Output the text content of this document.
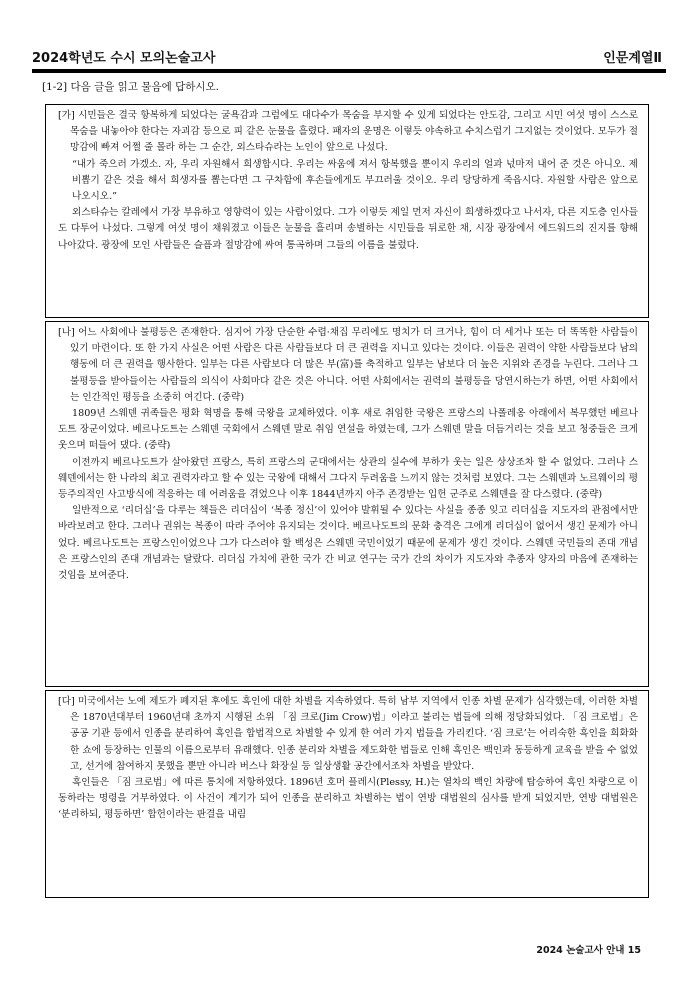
2024학년도 수시 모의논술고사	인문계열Ⅱ
[1-2] 다음 글을 읽고 물음에 답하시오.

[가] 시민들은 결국 항복하게 되었다는 굴욕감과 그럼에도 대다수가 목숨을 부지할 수 있게 되었다는 안도감, 그리고 시민 여섯 명이 스스로 목숨을 내놓아야 한다는 자괴감 등으로 피 같은 눈물을 흘렸다. 패자의 운명은 이렇듯 야속하고 수치스럽기 그지없는 것이었다. 모두가 절망감에 빠져 어쩔 줄 몰라 하는 그 순간, 외스타슈라는 노인이 앞으로 나섰다.

“내가 죽으러 가겠소. 자, 우리 자원해서 희생합시다. 우리는 싸움에 져서 항복했을 뿐이지 우리의 얼과 넋마저 내어 준 것은 아니오. 제비뽑기 같은 것을 해서 희생자를 뽑는다면 그 구차함에 후손들에게도 부끄러울 것이오. 우리 당당하게 죽읍시다. 자원할 사람은 앞으로 나오시오.”

외스타슈는 칼레에서 가장 부유하고 영향력이 있는 사람이었다. 그가 이렇듯 제일 먼저 자신이 희생하겠다고 나서자, 다른 지도층 인사들도 다투어 나섰다. 그렇게 여섯 명이 채워졌고 이들은 눈물을 흘리며 송별하는 시민들을 뒤로한 채, 시장 광장에서 에드워드의 진지를 향해 나아갔다. 광장에 모인 사람들은 슬픔과 절망감에 싸여 통곡하며 그들의 이름을 불렀다.

[나] 어느 사회에나 불평등은 존재한다. 심지어 가장 단순한 수렵·채집 무리에도 명치가 더 크거나, 힘이 더 세거나 또는 더 똑똑한 사람들이 있기 마련이다. 또 한 가지 사실은 어떤 사람은 다른 사람들보다 더 큰 권력을 지니고 있다는 것이다. 이들은 권력이 약한 사람들보다 남의 행동에 더 큰 권력을 행사한다. 일부는 다른 사람보다 더 많은 부(富)를 축적하고 일부는 남보다 더 높은 지위와 존경을 누린다. 그러나 그 불평등을 받아들이는 사람들의 의식이 사회마다 같은 것은 아니다. 어떤 사회에서는 권력의 불평등을 당연시하는가 하면, 어떤 사회에서는 인간적인 평등을 소중히 여긴다. (중략)

1809년 스웨덴 귀족들은 평화 혁명을 통해 국왕을 교체하였다. 이후 새로 취임한 국왕은 프랑스의 나폴레옹 아래에서 복무했던 베르나도트 장군이었다. 베르나도트는 스웨덴 국회에서 스웨덴 말로 취임 연설을 하였는데, 그가 스웨덴 말을 더듬거리는 것을 보고 청중들은 크게 웃으며 떠들어 댔다. (중략)

이전까지 베르나도트가 살아왔던 프랑스, 특히 프랑스의 군대에서는 상관의 실수에 부하가 웃는 일은 상상조차 할 수 없었다. 그러나 스웨덴에서는 한 나라의 최고 권력자라고 할 수 있는 국왕에 대해서 그다지 두려움을 느끼지 않는 것처럼 보였다. 그는 스웨덴과 노르웨이의 평등주의적인 사고방식에 적응하는 데 어려움을 겪었으나 이후 1844년까지 아주 존경받는 입헌 군주로 스웨덴을 잘 다스렸다. (중략)

일반적으로 ‘리더십’을 다루는 책들은 리더십이 ‘복종 정신’이 있어야 발휘될 수 있다는 사실을 종종 잊고 리더십을 지도자의 관점에서만 바라보려고 한다. 그러나 권위는 복종이 따라 주어야 유지되는 것이다. 베르나도트의 문화 충격은 그에게 리더십이 없어서 생긴 문제가 아니었다. 베르나도트는 프랑스인이었으나 그가 다스려야 할 백성은 스웨덴 국민이었기 때문에 문제가 생긴 것이다. 스웨덴 국민들의 존대 개념은 프랑스인의 존대 개념과는 달랐다. 리더십 가치에 관한 국가 간 비교 연구는 국가 간의 차이가 지도자와 추종자 양자의 마음에 존재하는 것임을 보여준다.

[다] 미국에서는 노예 제도가 폐지된 후에도 흑인에 대한 차별을 지속하였다. 특히 남부 지역에서 인종 차별 문제가 심각했는데, 이러한 차별은 1870년대부터 1960년대 초까지 시행된 소위 「짐 크로(Jim Crow)법」이라고 불리는 법들에 의해 정당화되었다. 「짐 크로법」은 공공 기관 등에서 인종을 분리하여 흑인을 합법적으로 차별할 수 있게 한 여러 가지 법들을 가리킨다. ‘짐 크로’는 어리숙한 흑인을 희화화한 쇼에 등장하는 인물의 이름으로부터 유래했다. 인종 분리와 차별을 제도화한 법들로 인해 흑인은 백인과 동등하게 교육을 받을 수 없었고, 선거에 참여하지 못했을 뿐만 아니라 버스나 화장실 등 일상생활 공간에서조차 차별을 받았다.

흑인들은 「짐 크로법」에 따른 통치에 저항하였다. 1896년 호머 플레시(Plessy, H.)는 열차의 백인 차량에 탑승하여 흑인 차량으로 이동하라는 명령을 거부하였다. 이 사건이 계기가 되어 인종을 분리하고 차별하는 법이 연방 대법원의 심사를 받게 되었지만, 연방 대법원은 ‘분리하되, 평등하면’ 합헌이라는 판결을 내림

2024 논술고사 안내 15
